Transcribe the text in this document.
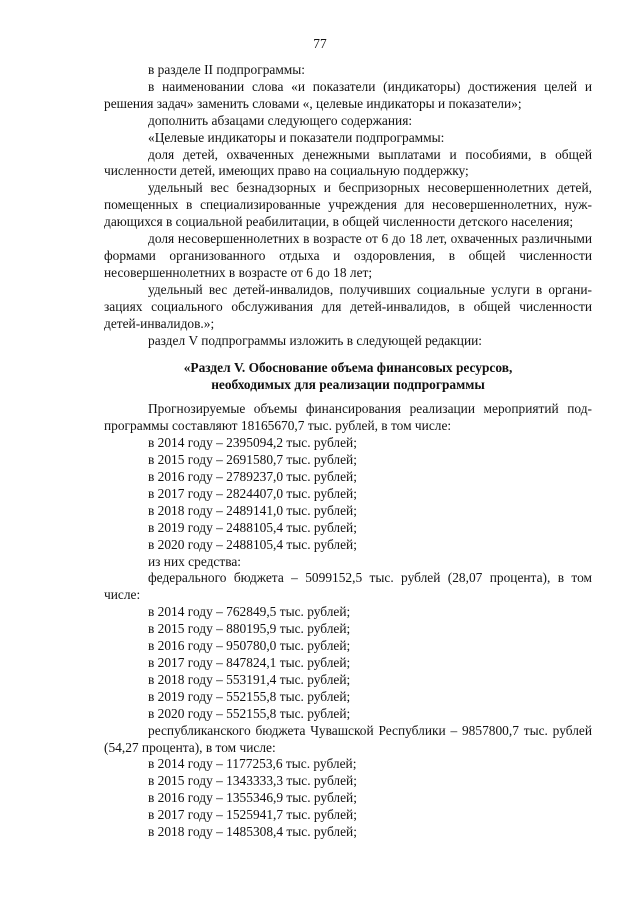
77

в разделе II подпрограммы:

в наименовании слова «и показатели (индикаторы) достижения целей и решения задач» заменить словами «, целевые индикаторы и показатели»;

дополнить абзацами следующего содержания:

«Целевые индикаторы и показатели подпрограммы:

доля детей, охваченных денежными выплатами и пособиями, в общей численности детей, имеющих право на социальную поддержку;

удельный вес безнадзорных и беспризорных несовершеннолетних детей, помещенных в специализированные учреждения для несовершеннолетних, нуждающихся в социальной реабилитации, в общей численности детского населения;

доля несовершеннолетних в возрасте от 6 до 18 лет, охваченных различными формами организованного отдыха и оздоровления, в общей численности несовершеннолетних в возрасте от 6 до 18 лет;

удельный вес детей-инвалидов, получивших социальные услуги в организациях социального обслуживания для детей-инвалидов, в общей численности детей-инвалидов.»;

раздел V подпрограммы изложить в следующей редакции:

«Раздел V. Обоснование объема финансовых ресурсов,
необходимых для реализации подпрограммы

Прогнозируемые объемы финансирования реализации мероприятий подпрограммы составляют 18165670,7 тыс. рублей, в том числе:

в 2014 году – 2395094,2 тыс. рублей;

в 2015 году – 2691580,7 тыс. рублей;

в 2016 году – 2789237,0 тыс. рублей;

в 2017 году – 2824407,0 тыс. рублей;

в 2018 году – 2489141,0 тыс. рублей;

в 2019 году – 2488105,4 тыс. рублей;

в 2020 году – 2488105,4 тыс. рублей;

из них средства:

федерального бюджета – 5099152,5 тыс. рублей (28,07 процента), в том числе:

в 2014 году – 762849,5 тыс. рублей;

в 2015 году – 880195,9 тыс. рублей;

в 2016 году – 950780,0 тыс. рублей;

в 2017 году – 847824,1 тыс. рублей;

в 2018 году – 553191,4 тыс. рублей;

в 2019 году – 552155,8 тыс. рублей;

в 2020 году – 552155,8 тыс. рублей;

республиканского бюджета Чувашской Республики – 9857800,7 тыс. рублей (54,27 процента), в том числе:

в 2014 году – 1177253,6 тыс. рублей;

в 2015 году – 1343333,3 тыс. рублей;

в 2016 году – 1355346,9 тыс. рублей;

в 2017 году – 1525941,7 тыс. рублей;

в 2018 году – 1485308,4 тыс. рублей;
